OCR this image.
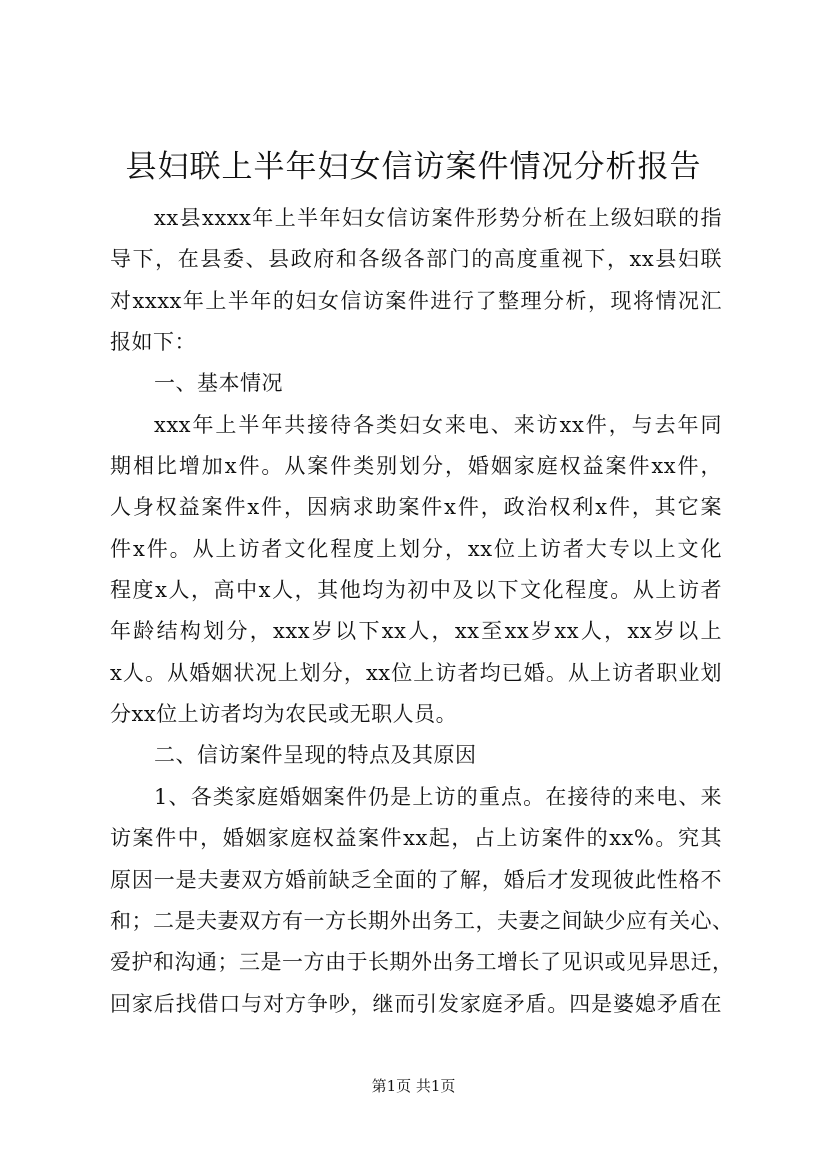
县妇联上半年妇女信访案件情况分析报告
xx县xxxx年上半年妇女信访案件形势分析在上级妇联的指
导下，在县委、县政府和各级各部门的高度重视下，xx县妇联
对xxxx年上半年的妇女信访案件进行了整理分析，现将情况汇
报如下：
一、基本情况
xxx年上半年共接待各类妇女来电、来访xx件，与去年同
期相比增加x件。从案件类别划分，婚姻家庭权益案件xx件，
人身权益案件x件，因病求助案件x件，政治权利x件，其它案
件x件。从上访者文化程度上划分，xx位上访者大专以上文化
程度x人，高中x人，其他均为初中及以下文化程度。从上访者
年龄结构划分，xxx岁以下xx人，xx至xx岁xx人，xx岁以上
x人。从婚姻状况上划分，xx位上访者均已婚。从上访者职业划
分xx位上访者均为农民或无职人员。
二、信访案件呈现的特点及其原因
1、各类家庭婚姻案件仍是上访的重点。在接待的来电、来
访案件中，婚姻家庭权益案件xx起，占上访案件的xx%。究其
原因一是夫妻双方婚前缺乏全面的了解，婚后才发现彼此性格不
和；二是夫妻双方有一方长期外出务工，夫妻之间缺少应有关心、
爱护和沟通；三是一方由于长期外出务工增长了见识或见异思迁，
回家后找借口与对方争吵，继而引发家庭矛盾。四是婆媳矛盾在
第1页 共1页
